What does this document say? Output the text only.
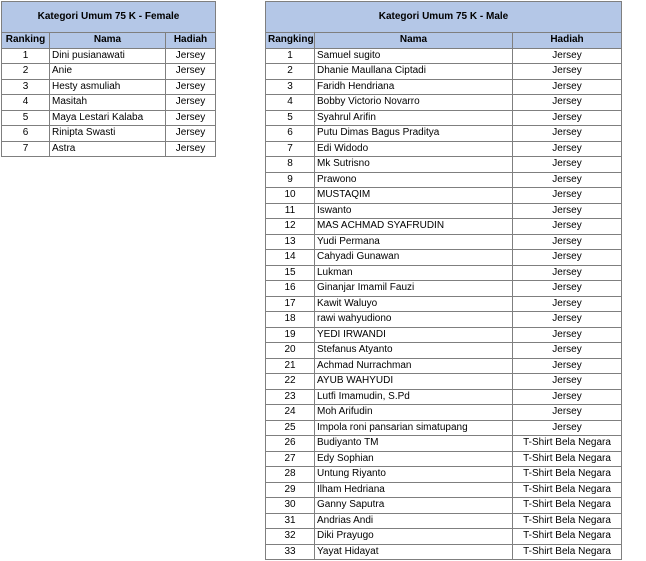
Kategori Umum 75 K - Female		
Ranking	Nama	Hadiah
1	Dini pusianawati	Jersey
2	Anie	Jersey
3	Hesty asmuliah	Jersey
4	Masitah	Jersey
5	Maya Lestari Kalaba	Jersey
6	Rinipta Swasti	Jersey
7	Astra	Jersey
Kategori Umum 75 K - Male		
Rangking	Nama	Hadiah
1	Samuel sugito	Jersey
2	Dhanie Maullana Ciptadi	Jersey
3	Faridh Hendriana	Jersey
4	Bobby Victorio Novarro	Jersey
5	Syahrul Arifin	Jersey
6	Putu Dimas Bagus Praditya	Jersey
7	Edi Widodo	Jersey
8	Mk Sutrisno	Jersey
9	Prawono	Jersey
10	MUSTAQIM	Jersey
11	Iswanto	Jersey
12	MAS ACHMAD SYAFRUDIN	Jersey
13	Yudi Permana	Jersey
14	Cahyadi Gunawan	Jersey
15	Lukman	Jersey
16	Ginanjar Imamil Fauzi	Jersey
17	Kawit Waluyo	Jersey
18	rawi wahyudiono	Jersey
19	YEDI IRWANDI	Jersey
20	Stefanus Atyanto	Jersey
21	Achmad Nurrachman	Jersey
22	AYUB WAHYUDI	Jersey
23	Lutfi Imamudin, S.Pd	Jersey
24	Moh Arifudin	Jersey
25	Impola roni pansarian simatupang	Jersey
26	Budiyanto TM	T-Shirt Bela Negara
27	Edy Sophian	T-Shirt Bela Negara
28	Untung Riyanto	T-Shirt Bela Negara
29	Ilham Hedriana	T-Shirt Bela Negara
30	Ganny Saputra	T-Shirt Bela Negara
31	Andrias Andi	T-Shirt Bela Negara
32	Diki Prayugo	T-Shirt Bela Negara
33	Yayat Hidayat	T-Shirt Bela Negara
